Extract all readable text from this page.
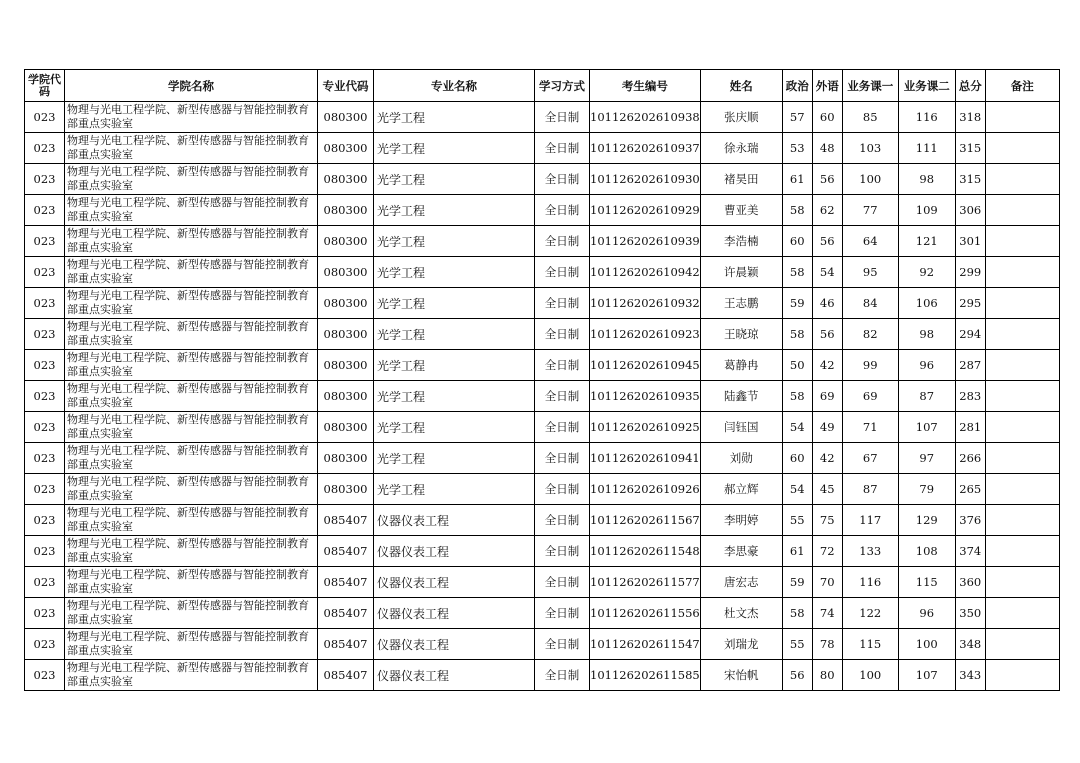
学院代码	学院名称	专业代码	专业名称	学习方式	考生编号	姓名	政治	外语	业务课一	业务课二	总分	备注
023	物理与光电工程学院、新型传感器与智能控制教育部重点实验室	080300	光学工程	全日制	101126202610938	张庆顺	57	60	85	116	318	
023	物理与光电工程学院、新型传感器与智能控制教育部重点实验室	080300	光学工程	全日制	101126202610937	徐永瑞	53	48	103	111	315	
023	物理与光电工程学院、新型传感器与智能控制教育部重点实验室	080300	光学工程	全日制	101126202610930	褚昊田	61	56	100	98	315	
023	物理与光电工程学院、新型传感器与智能控制教育部重点实验室	080300	光学工程	全日制	101126202610929	曹亚美	58	62	77	109	306	
023	物理与光电工程学院、新型传感器与智能控制教育部重点实验室	080300	光学工程	全日制	101126202610939	李浩楠	60	56	64	121	301	
023	物理与光电工程学院、新型传感器与智能控制教育部重点实验室	080300	光学工程	全日制	101126202610942	许晨颖	58	54	95	92	299	
023	物理与光电工程学院、新型传感器与智能控制教育部重点实验室	080300	光学工程	全日制	101126202610932	王志鹏	59	46	84	106	295	
023	物理与光电工程学院、新型传感器与智能控制教育部重点实验室	080300	光学工程	全日制	101126202610923	王晓琼	58	56	82	98	294	
023	物理与光电工程学院、新型传感器与智能控制教育部重点实验室	080300	光学工程	全日制	101126202610945	葛静冉	50	42	99	96	287	
023	物理与光电工程学院、新型传感器与智能控制教育部重点实验室	080300	光学工程	全日制	101126202610935	陆鑫节	58	69	69	87	283	
023	物理与光电工程学院、新型传感器与智能控制教育部重点实验室	080300	光学工程	全日制	101126202610925	闫钰国	54	49	71	107	281	
023	物理与光电工程学院、新型传感器与智能控制教育部重点实验室	080300	光学工程	全日制	101126202610941	刘勋	60	42	67	97	266	
023	物理与光电工程学院、新型传感器与智能控制教育部重点实验室	080300	光学工程	全日制	101126202610926	郝立辉	54	45	87	79	265	
023	物理与光电工程学院、新型传感器与智能控制教育部重点实验室	085407	仪器仪表工程	全日制	101126202611567	李明婷	55	75	117	129	376	
023	物理与光电工程学院、新型传感器与智能控制教育部重点实验室	085407	仪器仪表工程	全日制	101126202611548	李思豪	61	72	133	108	374	
023	物理与光电工程学院、新型传感器与智能控制教育部重点实验室	085407	仪器仪表工程	全日制	101126202611577	唐宏志	59	70	116	115	360	
023	物理与光电工程学院、新型传感器与智能控制教育部重点实验室	085407	仪器仪表工程	全日制	101126202611556	杜文杰	58	74	122	96	350	
023	物理与光电工程学院、新型传感器与智能控制教育部重点实验室	085407	仪器仪表工程	全日制	101126202611547	刘瑞龙	55	78	115	100	348	
023	物理与光电工程学院、新型传感器与智能控制教育部重点实验室	085407	仪器仪表工程	全日制	101126202611585	宋怡帆	56	80	100	107	343	
